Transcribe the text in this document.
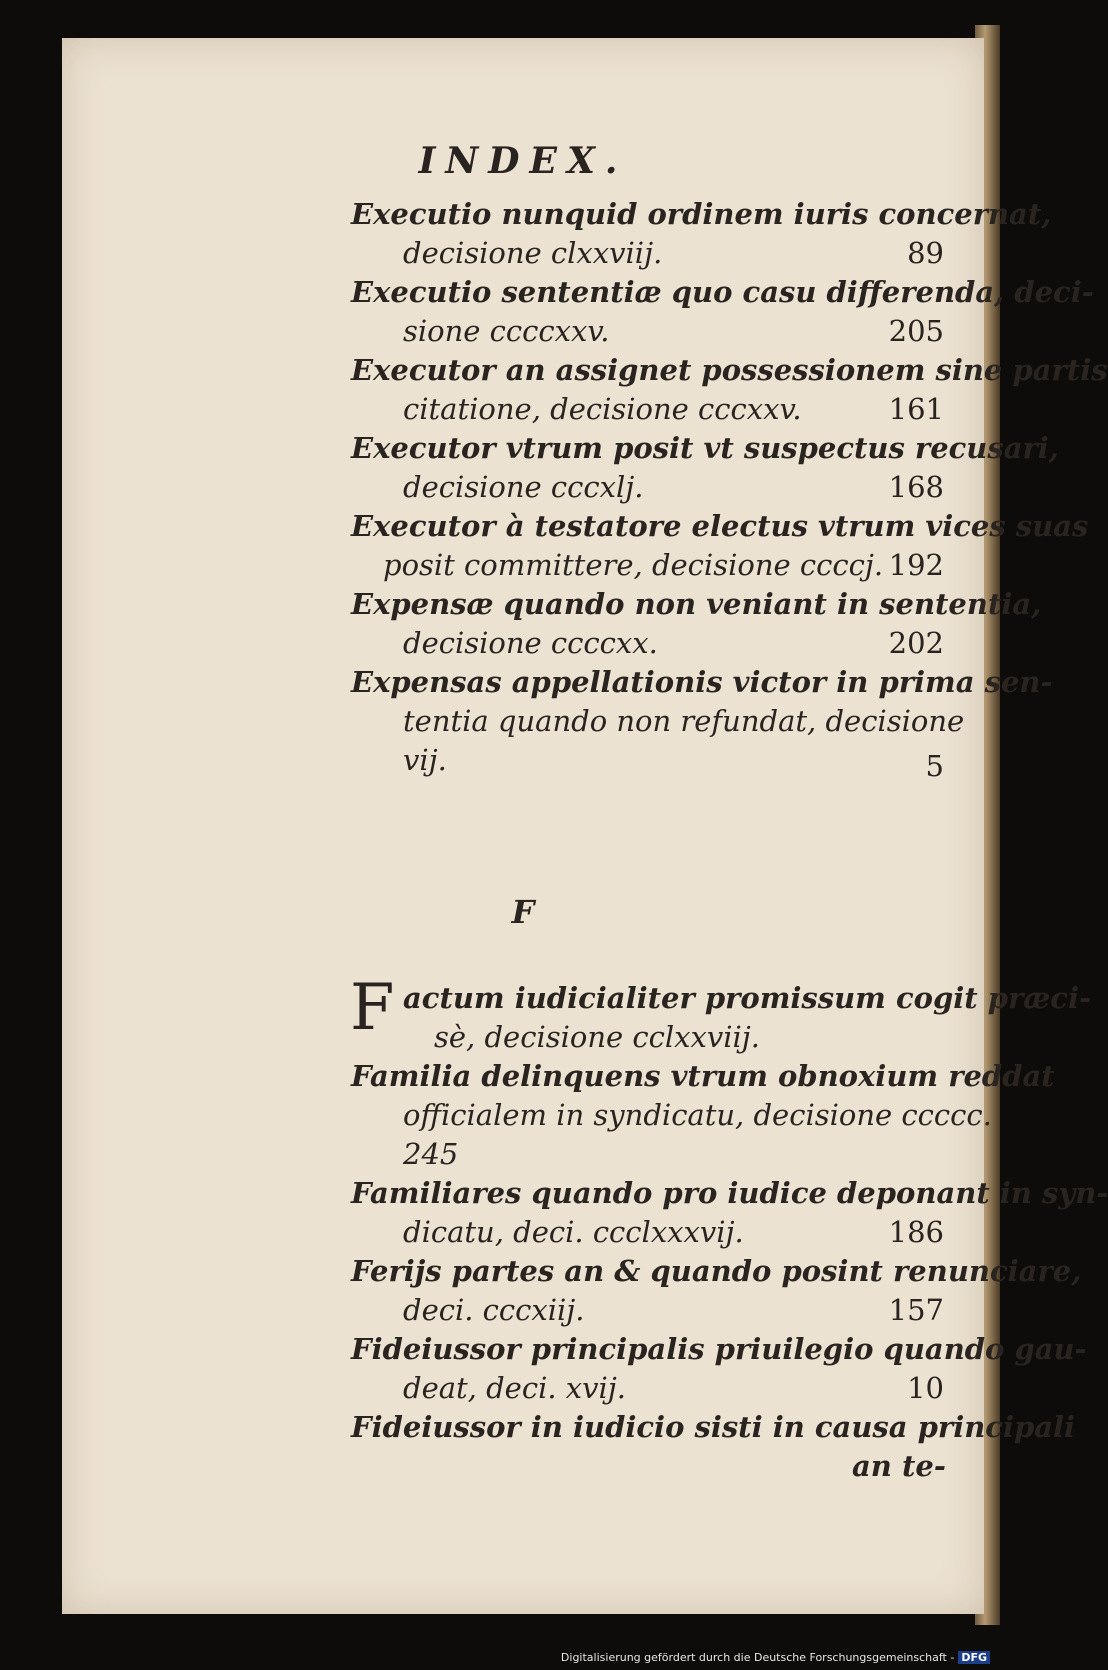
INDEX.
Executio nunquid ordinem iuris concernat,
decisione clxxviij.	89
Executio sententiæ quo casu differenda, deci-
sione ccccxxv.	205
Executor an assignet possessionem sine partis
citatione, decisione cccxxv.	161
Executor vtrum posit vt suspectus recusari,
decisione cccxlj.	168
Executor à testatore electus vtrum vices suas
posit committere, decisione ccccj. 192
Expensæ quando non veniant in sententia,
decisione ccccxx.	202
Expensas appellationis victor in prima sen-
tentia quando non refundat, decisione
vij.	5
F
F actum iudicialiter promissum cogit præci-
sè, decisione cclxxviij.
Familia delinquens vtrum obnoxium reddat
officialem in syndicatu, decisione ccccc.
245
Familiares quando pro iudice deponant in syn-
dicatu, deci. ccclxxxvij.	186
Ferijs partes an & quando posint renunciare,
deci. cccxiij.	157
Fideiussor principalis priuilegio quando gau-
deat, deci. xvij.	10
Fideiussor in iudicio sisti in causa principali
an te-
Digitalisierung gefördert durch die Deutsche Forschungsgemeinschaft - DFG
